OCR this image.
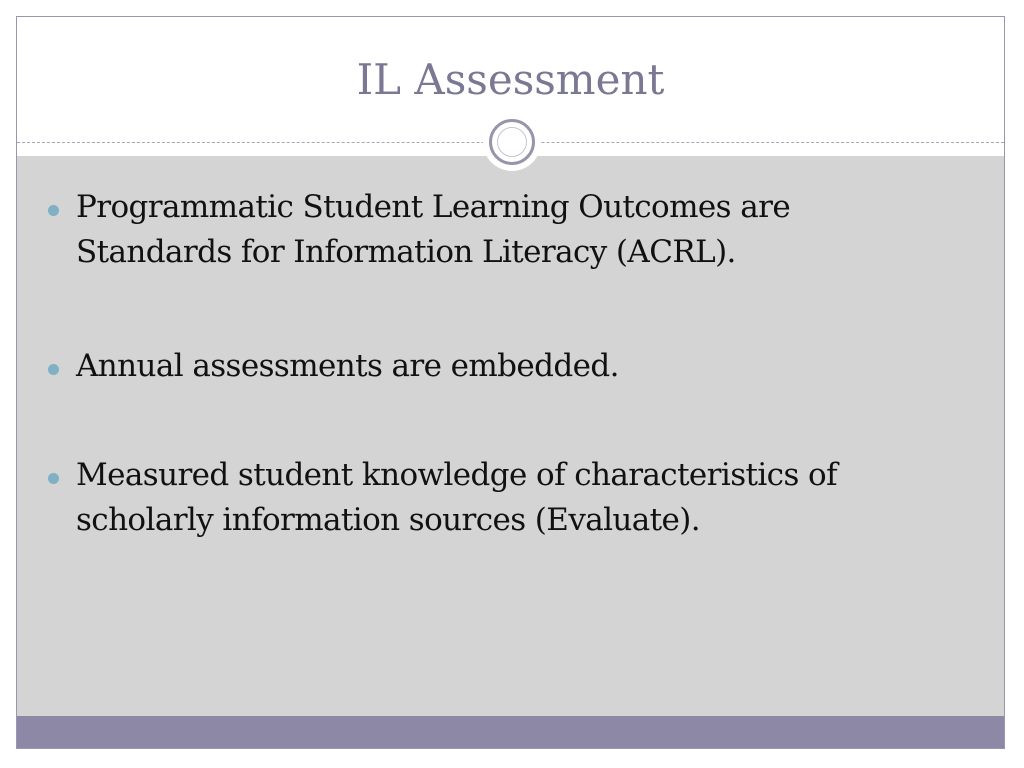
IL Assessment
Programmatic Student Learning Outcomes are
Standards for Information Literacy (ACRL).
Annual assessments are embedded.
Measured student knowledge of characteristics of
scholarly information sources (Evaluate).
